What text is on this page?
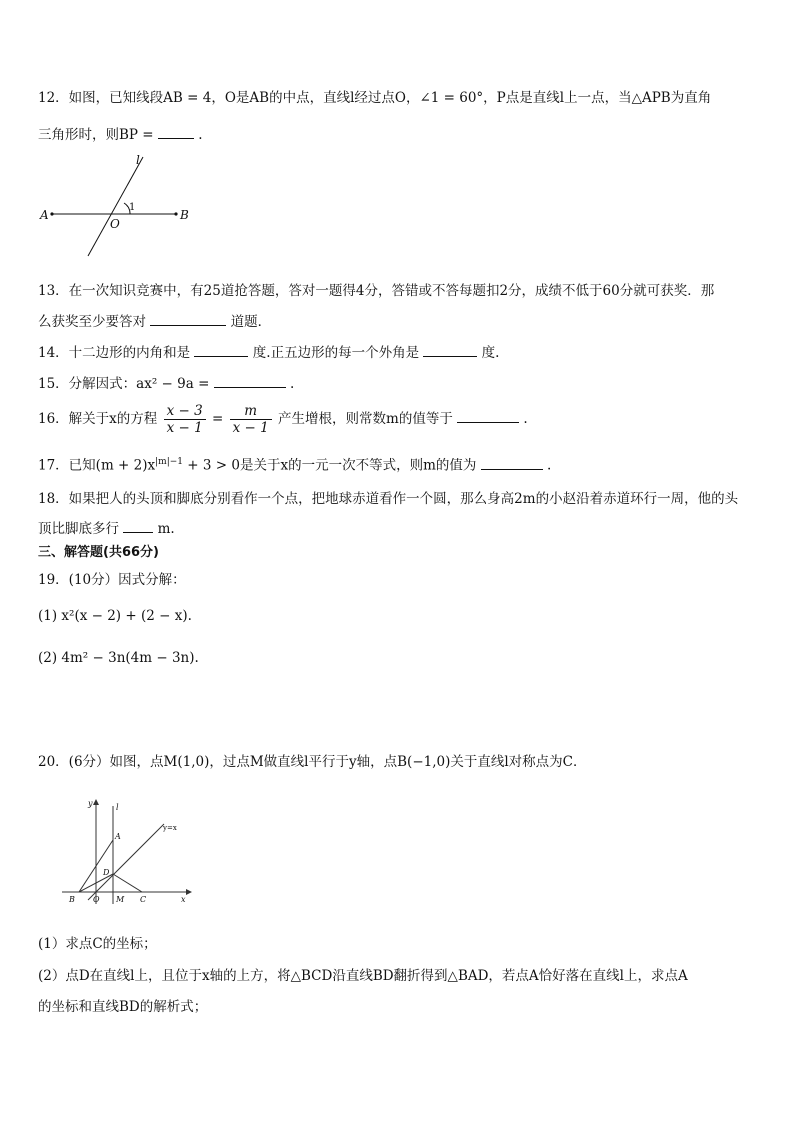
12．如图，已知线段AB = 4，O是AB的中点，直线l经过点O，∠1 = 60°，P点是直线l上一点，当△APB为直角
三角形时，则BP =	.
l
A	B
O
1
13．在一次知识竞赛中，有25道抢答题，答对一题得4分，答错或不答每题扣2分，成绩不低于60分就可获奖．那
么获奖至少要答对	道题．
14．十二边形的内角和是	度.正五边形的每一个外角是	度.
15．分解因式：ax² − 9a =	.
16．解关于x的方程 $\frac{x - 3}{x - 1} = \frac{m}{x - 1}$ 产生增根，则常数m的值等于	.
17．已知$(m + 2)x^{|m|-1} + 3 > 0$是关于x的一元一次不等式，则m的值为	.
18．如果把人的头顶和脚底分别看作一个点，把地球赤道看作一个圆，那么身高2m的小赵沿着赤道环行一周，他的头
顶比脚底多行	m.
三、解答题(共66分)
19．(10分）因式分解：
(1) x²(x − 2) + (2 − x).
(2) 4m² − 3n(4m − 3n).
20．(6分）如图，点M(1,0)，过点M做直线l平行于y轴，点B(−1,0)关于直线l对称点为C．
y	l
y=x
A
D
B O M C	x
(1）求点C的坐标；
(2）点D在直线l上，且位于x轴的上方，将△BCD沿直线BD翻折得到△BAD，若点A恰好落在直线l上，求点A
的坐标和直线BD的解析式；
